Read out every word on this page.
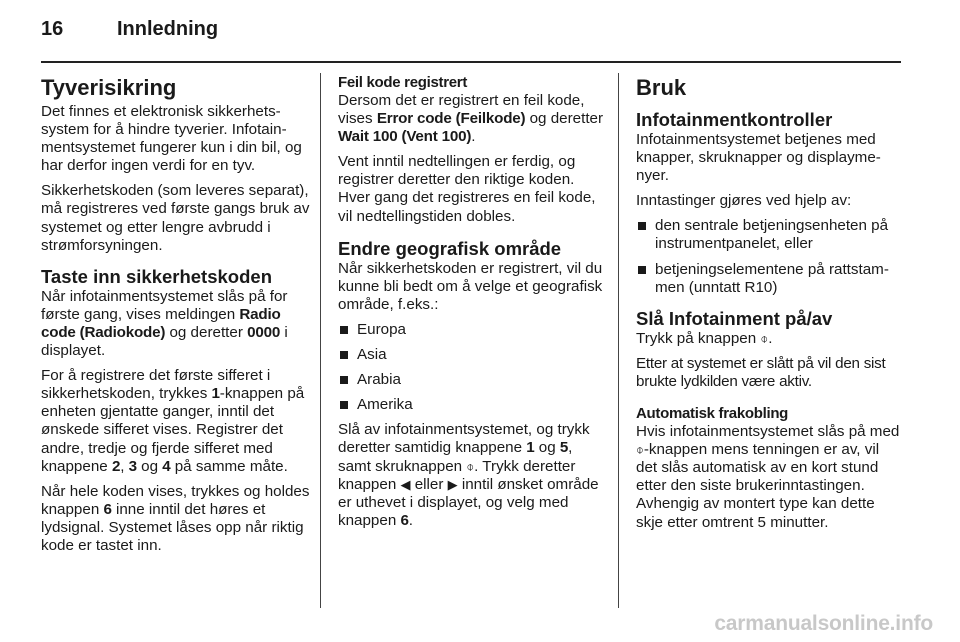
16	Innledning
Tyverisikring

Det finnes et elektronisk sikkerhetssystem for å hindre tyverier. Infotainmentsystemet fungerer kun i din bil, og har derfor ingen verdi for en tyv.

Sikkerhetskoden (som leveres separat), må registreres ved første gangs bruk av systemet og etter lengre avbrudd i strømforsyningen.

Taste inn sikkerhetskoden

Når infotainmentsystemet slås på for første gang, vises meldingen Radio code (Radiokode) og deretter 0000 i displayet.

For å registrere det første sifferet i sikkerhetskoden, trykkes 1-knappen på enheten gjentatte ganger, inntil det ønskede sifferet vises. Registrer det andre, tredje og fjerde sifferet med knappene 2, 3 og 4 på samme måte.

Når hele koden vises, trykkes og holdes knappen 6 inne inntil det høres et lydsignal. Systemet låses opp når riktig kode er tastet inn.

Feil kode registrert

Dersom det er registrert en feil kode, vises Error code (Feilkode) og deretter Wait 100 (Vent 100).

Vent inntil nedtellingen er ferdig, og registrer deretter den riktige koden. Hver gang det registreres en feil kode, vil nedtellingstiden dobles.

Endre geografisk område

Når sikkerhetskoden er registrert, vil du kunne bli bedt om å velge et geografisk område, f.eks.:

Europa
Asia
Arabia
Amerika

Slå av infotainmentsystemet, og trykk deretter samtidig knappene 1 og 5, samt skruknappen ⌽. Trykk deretter knappen ◀ eller ▶ inntil ønsket område er uthevet i displayet, og velg med knappen 6.

Bruk
Infotainmentkontroller

Infotainmentsystemet betjenes med knapper, skruknapper og displaymenyer.

Inntastinger gjøres ved hjelp av:

den sentrale betjeningsenheten på instrumentpanelet, eller
betjeningselementene på rattstammen (unntatt R10)
Slå Infotainment på/av

Trykk på knappen ⌽.

Etter at systemet er slått på vil den sist brukte lydkilden være aktiv.

Automatisk frakobling

Hvis infotainmentsystemet slås på med ⌽-knappen mens tenningen er av, vil det slås automatisk av en kort stund etter den siste brukerinntastingen. Avhengig av montert type kan dette skje etter omtrent 5 minutter.

carmanualsonline.info
